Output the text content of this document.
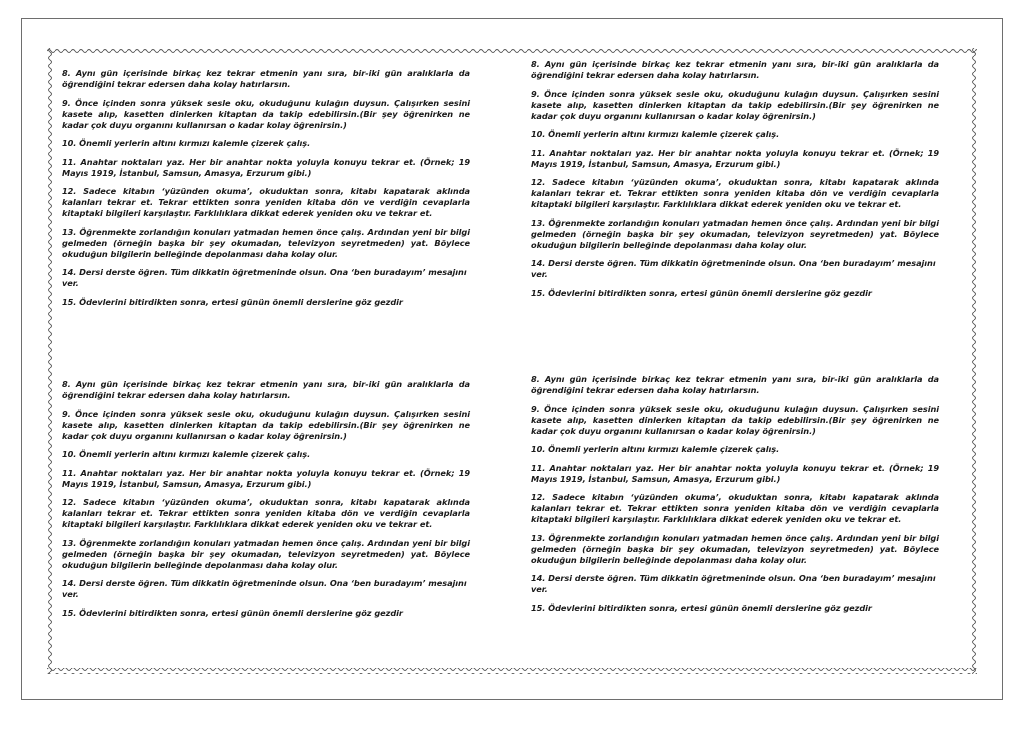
8. Aynı gün içerisinde birkaç kez tekrar etmenin yanı sıra, bir-iki gün aralıklarla da öğrendiğini tekrar edersen daha kolay hatırlarsın.

9. Önce içinden sonra yüksek sesle oku, okuduğunu kulağın duysun. Çalışırken sesini kasete alıp, kasetten dinlerken kitaptan da takip edebilirsin.(Bir şey öğrenirken ne kadar çok duyu organını kullanırsan o kadar kolay öğrenirsin.)

10. Önemli yerlerin altını kırmızı kalemle çizerek çalış.

11. Anahtar noktaları yaz. Her bir anahtar nokta yoluyla konuyu tekrar et. (Örnek; 19 Mayıs 1919, İstanbul, Samsun, Amasya, Erzurum gibi.)

12. Sadece kitabın ‘yüzünden okuma’, okuduktan sonra, kitabı kapatarak aklında kalanları tekrar et. Tekrar ettikten sonra yeniden kitaba dön ve verdiğin cevaplarla kitaptaki bilgileri karşılaştır. Farklılıklara dikkat ederek yeniden oku ve tekrar et.

13. Öğrenmekte zorlandığın konuları yatmadan hemen önce çalış. Ardından yeni bir bilgi gelmeden (örneğin başka bir şey okumadan, televizyon seyretmeden) yat. Böylece okuduğun bilgilerin belleğinde depolanması daha kolay olur.

14. Dersi derste öğren. Tüm dikkatin öğretmeninde olsun. Ona ‘ben buradayım’ mesajını ver.

15. Ödevlerini bitirdikten sonra, ertesi günün önemli derslerine göz gezdir

8. Aynı gün içerisinde birkaç kez tekrar etmenin yanı sıra, bir-iki gün aralıklarla da öğrendiğini tekrar edersen daha kolay hatırlarsın.

9. Önce içinden sonra yüksek sesle oku, okuduğunu kulağın duysun. Çalışırken sesini kasete alıp, kasetten dinlerken kitaptan da takip edebilirsin.(Bir şey öğrenirken ne kadar çok duyu organını kullanırsan o kadar kolay öğrenirsin.)

10. Önemli yerlerin altını kırmızı kalemle çizerek çalış.

11. Anahtar noktaları yaz. Her bir anahtar nokta yoluyla konuyu tekrar et. (Örnek; 19 Mayıs 1919, İstanbul, Samsun, Amasya, Erzurum gibi.)

12. Sadece kitabın ‘yüzünden okuma’, okuduktan sonra, kitabı kapatarak aklında kalanları tekrar et. Tekrar ettikten sonra yeniden kitaba dön ve verdiğin cevaplarla kitaptaki bilgileri karşılaştır. Farklılıklara dikkat ederek yeniden oku ve tekrar et.

13. Öğrenmekte zorlandığın konuları yatmadan hemen önce çalış. Ardından yeni bir bilgi gelmeden (örneğin başka bir şey okumadan, televizyon seyretmeden) yat. Böylece okuduğun bilgilerin belleğinde depolanması daha kolay olur.

14. Dersi derste öğren. Tüm dikkatin öğretmeninde olsun. Ona ‘ben buradayım’ mesajını ver.

15. Ödevlerini bitirdikten sonra, ertesi günün önemli derslerine göz gezdir

8. Aynı gün içerisinde birkaç kez tekrar etmenin yanı sıra, bir-iki gün aralıklarla da öğrendiğini tekrar edersen daha kolay hatırlarsın.

9. Önce içinden sonra yüksek sesle oku, okuduğunu kulağın duysun. Çalışırken sesini kasete alıp, kasetten dinlerken kitaptan da takip edebilirsin.(Bir şey öğrenirken ne kadar çok duyu organını kullanırsan o kadar kolay öğrenirsin.)

10. Önemli yerlerin altını kırmızı kalemle çizerek çalış.

11. Anahtar noktaları yaz. Her bir anahtar nokta yoluyla konuyu tekrar et. (Örnek; 19 Mayıs 1919, İstanbul, Samsun, Amasya, Erzurum gibi.)

12. Sadece kitabın ‘yüzünden okuma’, okuduktan sonra, kitabı kapatarak aklında kalanları tekrar et. Tekrar ettikten sonra yeniden kitaba dön ve verdiğin cevaplarla kitaptaki bilgileri karşılaştır. Farklılıklara dikkat ederek yeniden oku ve tekrar et.

13. Öğrenmekte zorlandığın konuları yatmadan hemen önce çalış. Ardından yeni bir bilgi gelmeden (örneğin başka bir şey okumadan, televizyon seyretmeden) yat. Böylece okuduğun bilgilerin belleğinde depolanması daha kolay olur.

14. Dersi derste öğren. Tüm dikkatin öğretmeninde olsun. Ona ‘ben buradayım’ mesajını ver.

15. Ödevlerini bitirdikten sonra, ertesi günün önemli derslerine göz gezdir

8. Aynı gün içerisinde birkaç kez tekrar etmenin yanı sıra, bir-iki gün aralıklarla da öğrendiğini tekrar edersen daha kolay hatırlarsın.

9. Önce içinden sonra yüksek sesle oku, okuduğunu kulağın duysun. Çalışırken sesini kasete alıp, kasetten dinlerken kitaptan da takip edebilirsin.(Bir şey öğrenirken ne kadar çok duyu organını kullanırsan o kadar kolay öğrenirsin.)

10. Önemli yerlerin altını kırmızı kalemle çizerek çalış.

11. Anahtar noktaları yaz. Her bir anahtar nokta yoluyla konuyu tekrar et. (Örnek; 19 Mayıs 1919, İstanbul, Samsun, Amasya, Erzurum gibi.)

12. Sadece kitabın ‘yüzünden okuma’, okuduktan sonra, kitabı kapatarak aklında kalanları tekrar et. Tekrar ettikten sonra yeniden kitaba dön ve verdiğin cevaplarla kitaptaki bilgileri karşılaştır. Farklılıklara dikkat ederek yeniden oku ve tekrar et.

13. Öğrenmekte zorlandığın konuları yatmadan hemen önce çalış. Ardından yeni bir bilgi gelmeden (örneğin başka bir şey okumadan, televizyon seyretmeden) yat. Böylece okuduğun bilgilerin belleğinde depolanması daha kolay olur.

14. Dersi derste öğren. Tüm dikkatin öğretmeninde olsun. Ona ‘ben buradayım’ mesajını ver.

15. Ödevlerini bitirdikten sonra, ertesi günün önemli derslerine göz gezdir
